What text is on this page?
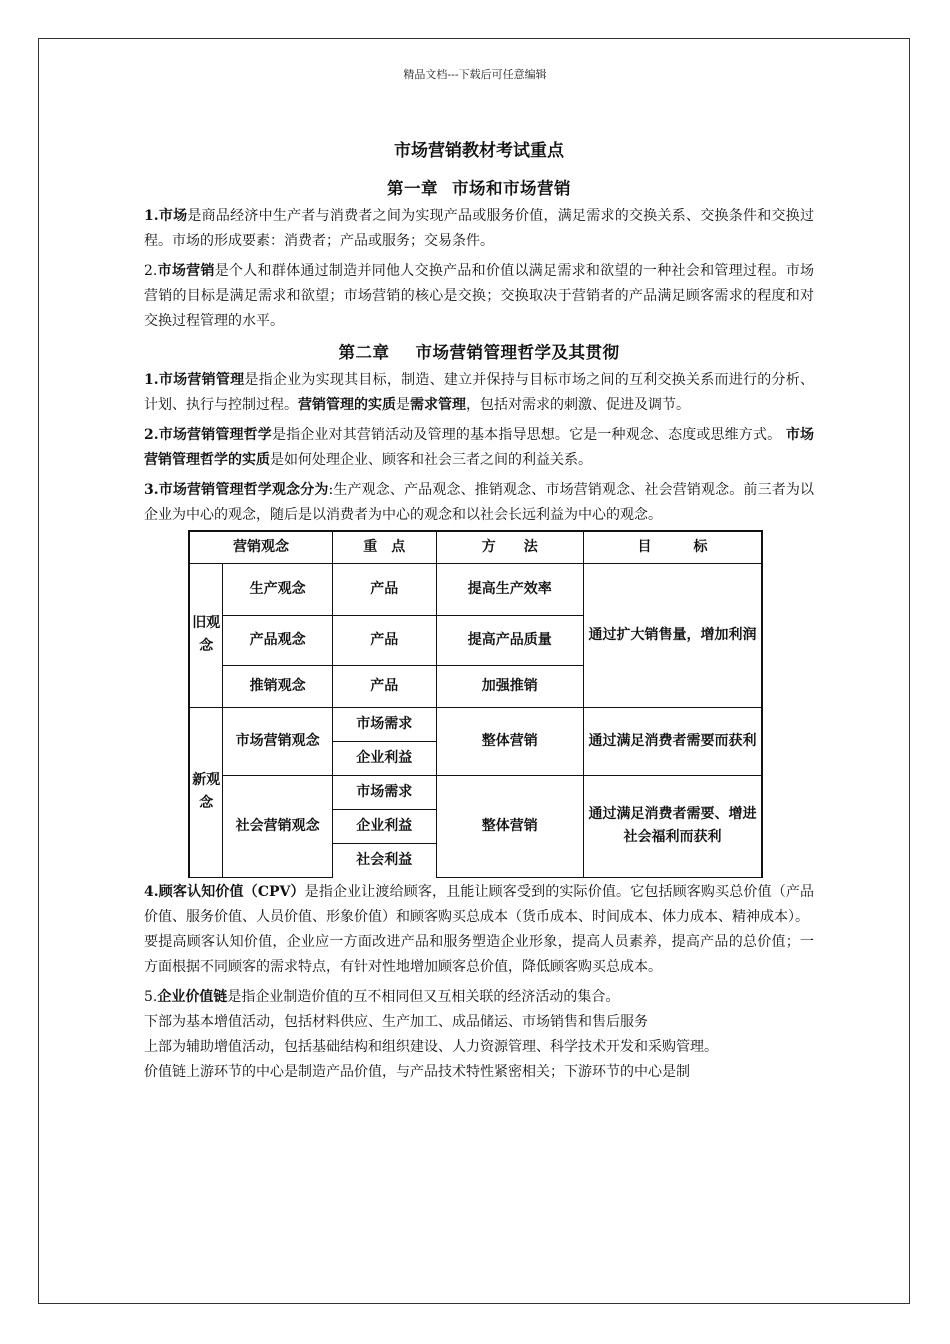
精品文档---下载后可任意编辑
市场营销教材考试重点
第一章 市场和市场营销

1.市场是商品经济中生产者与消费者之间为实现产品或服务价值，满足需求的交换关系、交换条件和交换过程。市场的形成要素：消费者；产品或服务；交易条件。

2.市场营销是个人和群体通过制造并同他人交换产品和价值以满足需求和欲望的一种社会和管理过程。市场营销的目标是满足需求和欲望；市场营销的核心是交换；交换取决于营销者的产品满足顾客需求的程度和对交换过程管理的水平。

第二章 市场营销管理哲学及其贯彻

1.市场营销管理是指企业为实现其目标，制造、建立并保持与目标市场之间的互利交换关系而进行的分析、计划、执行与控制过程。营销管理的实质是需求管理，包括对需求的刺激、促进及调节。

2.市场营销管理哲学是指企业对其营销活动及管理的基本指导思想。它是一种观念、态度或思维方式。 市场营销管理哲学的实质是如何处理企业、顾客和社会三者之间的利益关系。

3.市场营销管理哲学观念分为:生产观念、产品观念、推销观念、市场营销观念、社会营销观念。前三者为以企业为中心的观念，随后是以消费者为中心的观念和以社会长远利益为中心的观念。

营销观念		重　点	方　　法	目　　　标
旧观念	生产观念	产品	提高生产效率	通过扩大销售量，增加利润
	产品观念	产品	提高产品质量	
	推销观念	产品	加强推销	
新观念	市场营销观念	市场需求	整体营销	通过满足消费者需要而获利
		企业利益		
	社会营销观念	市场需求	整体营销	通过满足消费者需要、增进社会福利而获利
		企业利益		
		社会利益		

4.顾客认知价值（CPV）是指企业让渡给顾客，且能让顾客受到的实际价值。它包括顾客购买总价值（产品价值、服务价值、人员价值、形象价值）和顾客购买总成本（货币成本、时间成本、体力成本、精神成本）。

要提高顾客认知价值，企业应一方面改进产品和服务塑造企业形象，提高人员素养，提高产品的总价值；一方面根据不同顾客的需求特点，有针对性地增加顾客总价值，降低顾客购买总成本。

5.企业价值链是指企业制造价值的互不相同但又互相关联的经济活动的集合。

下部为基本增值活动，包括材料供应、生产加工、成品储运、市场销售和售后服务

上部为辅助增值活动，包括基础结构和组织建设、人力资源管理、科学技术开发和采购管理。

价值链上游环节的中心是制造产品价值，与产品技术特性紧密相关；下游环节的中心是制
